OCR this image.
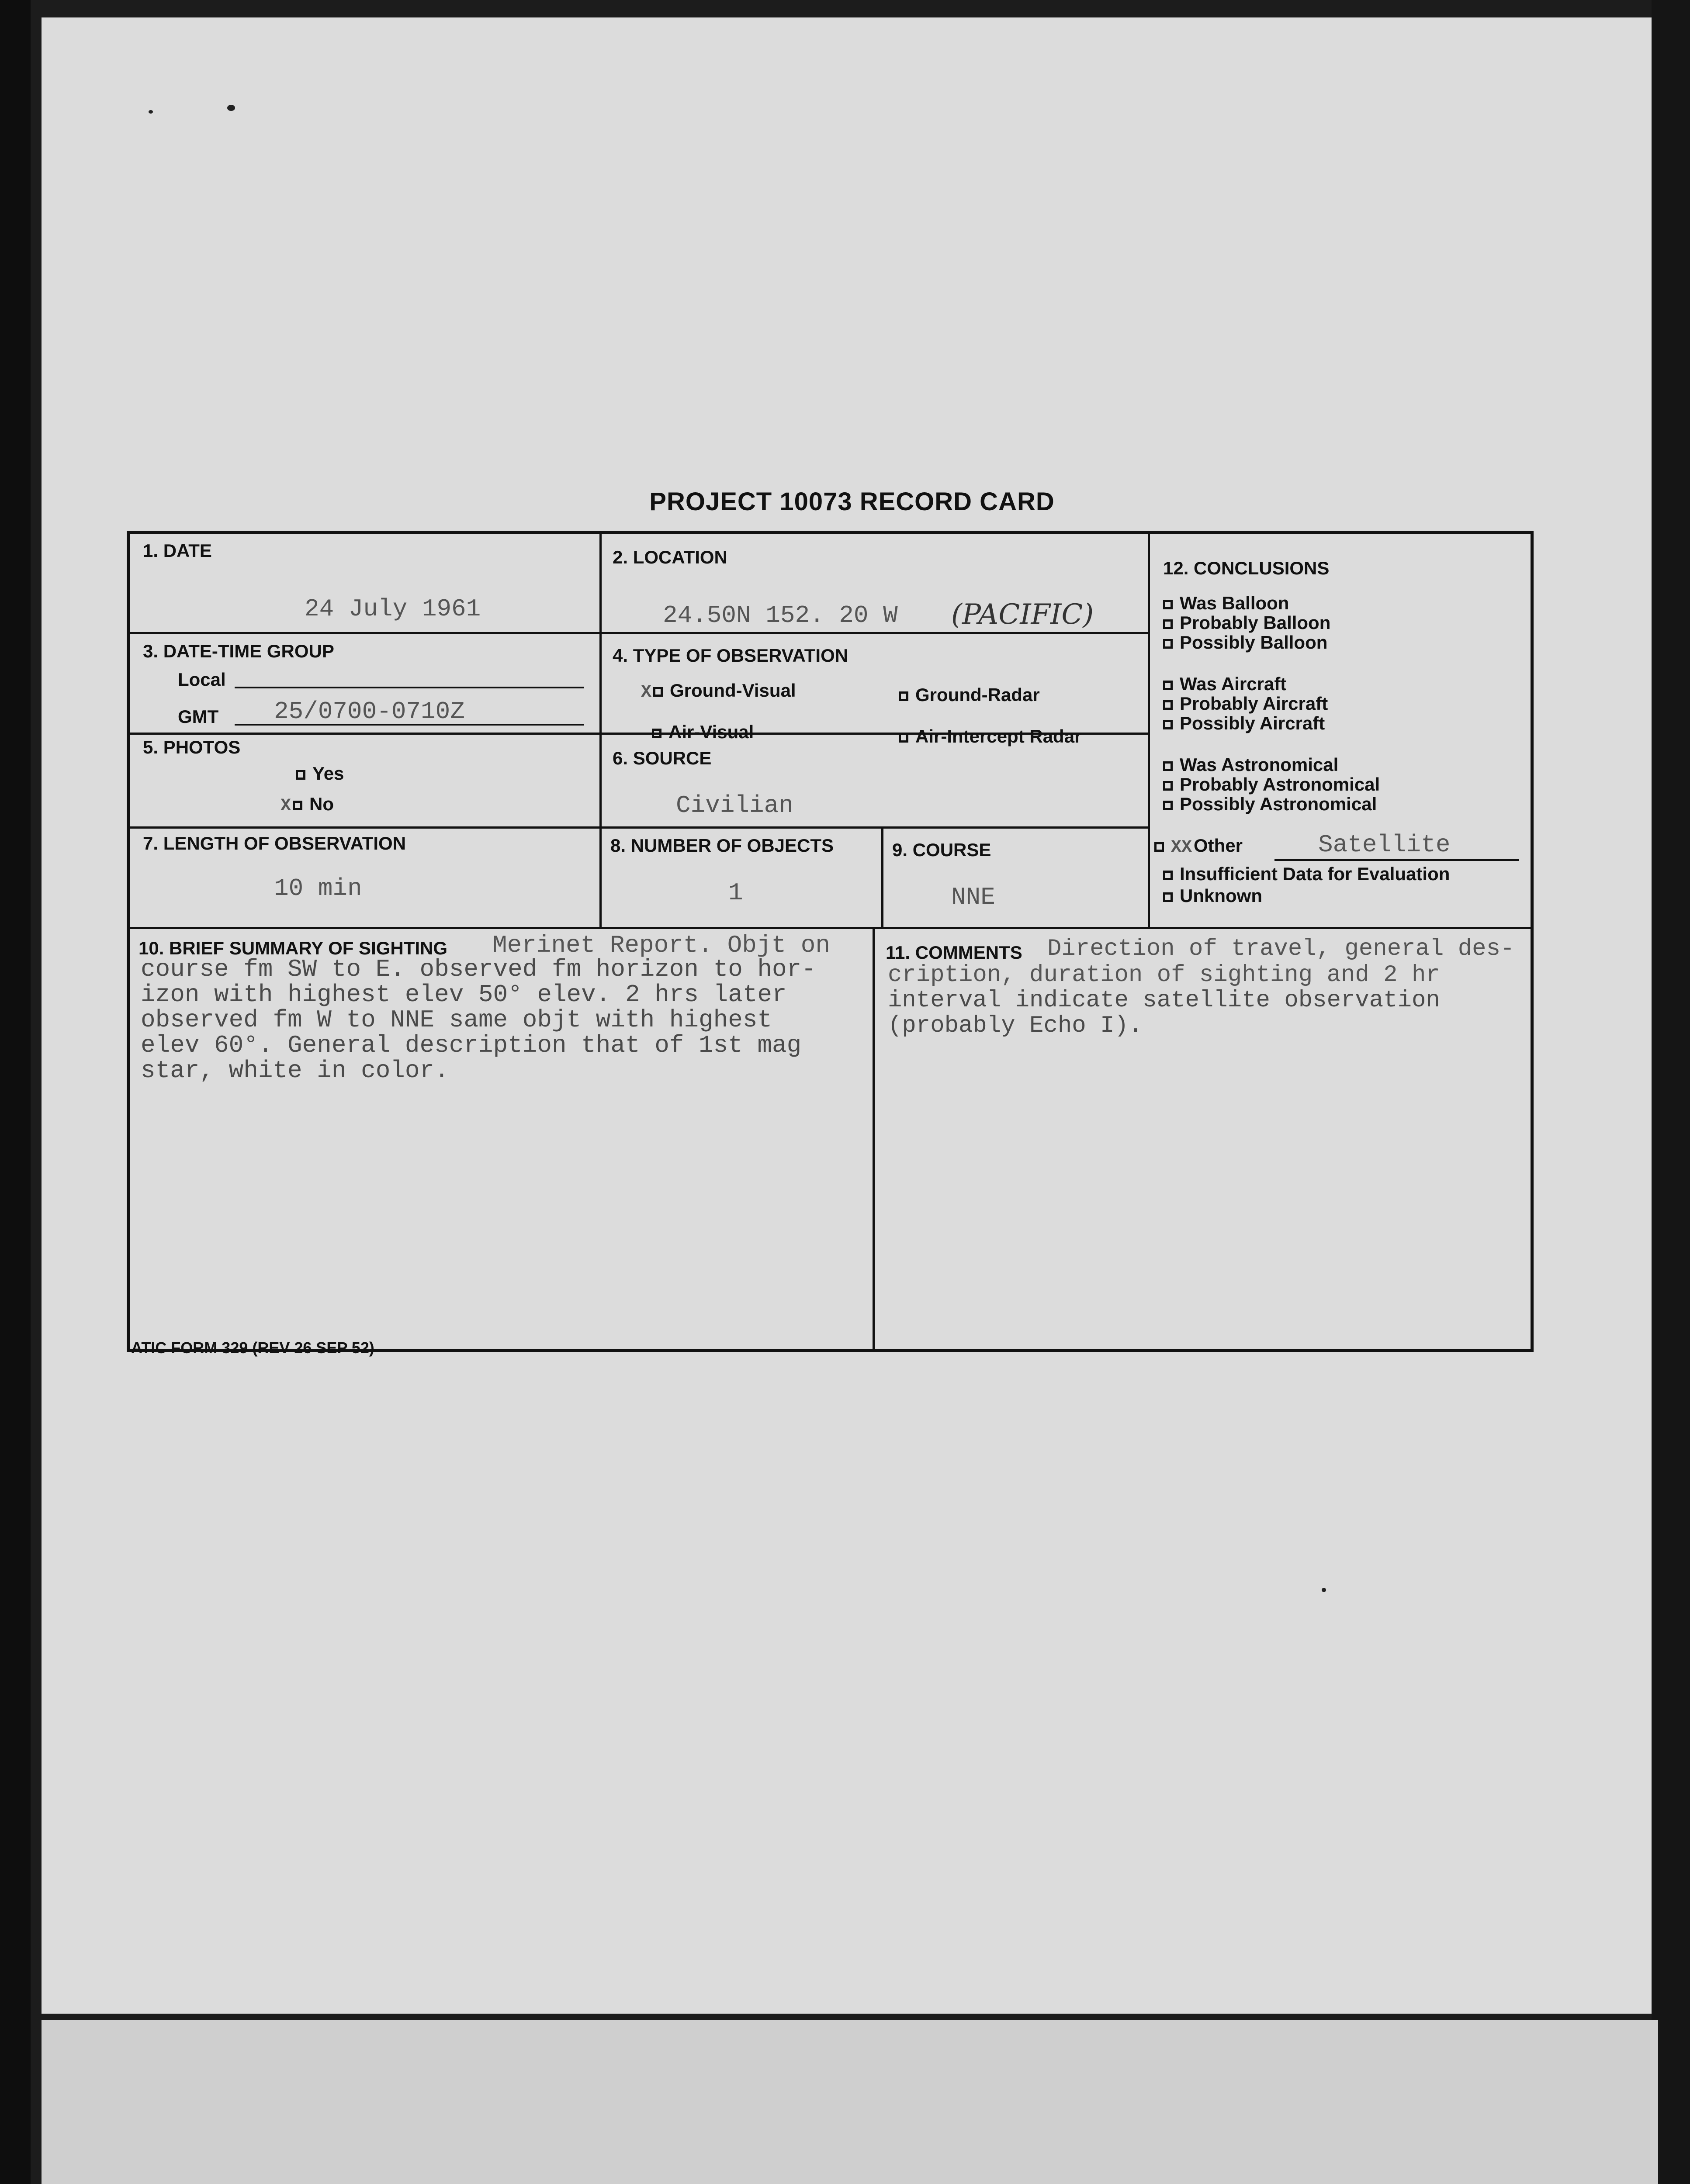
PROJECT 10073 RECORD CARD
1. DATE
24 July 1961
2. LOCATION
24.50N 152. 20 W (PACIFIC)
3. DATE-TIME GROUP
Local
GMT 25/0700-0710Z
4. TYPE OF OBSERVATION
X Ground-Visual	Ground-Radar
Air-Visual	Air-Intercept Radar
5. PHOTOS
Yes
X No
6. SOURCE
Civilian
7. LENGTH OF OBSERVATION
10 min
8. NUMBER OF OBJECTS
1
9. COURSE
NNE
10. BRIEF SUMMARY OF SIGHTING Merinet Report. Objt on
course fm SW to E. observed fm horizon to hor-
izon with highest elev 50° elev. 2 hrs later
observed fm W to NNE same objt with highest
elev 60°. General description that of 1st mag
star, white in color.
11. COMMENTS Direction of travel, general des-
cription, duration of sighting and 2 hr
interval indicate satellite observation
(probably Echo I).
12. CONCLUSIONS
Was Balloon
Probably Balloon
Possibly Balloon
Was Aircraft
Probably Aircraft
Possibly Aircraft
Was Astronomical
Probably Astronomical
Possibly Astronomical
XXOther	Satellite
Insufficient Data for Evaluation
Unknown
ATIC FORM 329 (REV 26 SEP 52)
